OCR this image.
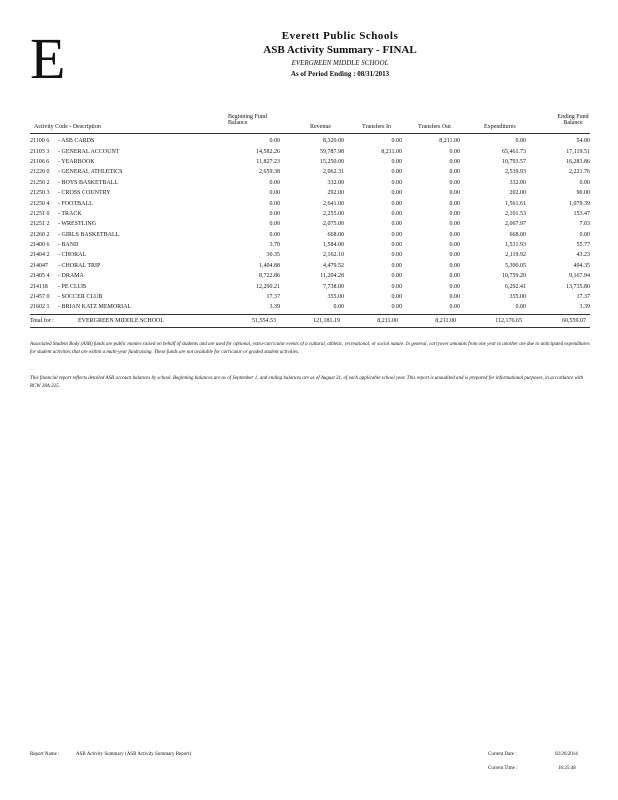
E	Everett Public Schools
ASB Activity Summary - FINAL
EVERGREEN MIDDLE SCHOOL
As of Period Ending : 08/31/2013
Activity Code - Description
Beginning Fund Balance
Revenue	Transfers In	Transfers Out	Expenditures
Ending Fund Balance
21100 6	- ASB CARDS	0.00	8,320.00	0.00	8,211.00	0.00	54.00
21103 3	- GENERAL ACCOUNT	14,582.26	59,787.98	8,211.00	0.00	65,461.73	17,119.51
21106 6	- YEARBOOK	11,827.23	15,250.00	0.00	0.00	10,793.57	16,283.86
21220 0	- GENERAL ATHLETICS	2,659.38	2,062.31	0.00	0.00	2,539.93	2,221.76
21250 2	- BOYS BASKETBALL	0.00	332.00	0.00	0.00	332.00	0.00
21250 3	- CROSS COUNTRY	0.00	292.00	0.00	0.00	202.00	90.00
21250 4	- FOOTBALL	0.00	2,641.00	0.00	0.00	1,561.61	1,079.39
21251 0	- TRACK	0.00	2,255.00	0.00	0.00	2,101.53	153.47
21251 2	- WRESTLING	0.00	2,075.00	0.00	0.00	2,067.97	7.03
21260 2	- GIRLS BASKETBALL	0.00	668.00	0.00	0.00	668.00	0.00
21400 6	- BAND	3.70	1,584.00	0.00	0.00	1,531.93	55.77
21404 2	- CHORAL	30.35	2,162.10	0.00	0.00	2,119.92	43.23
214047	- CHORAL TRIP	1,404.88	4,479.52	0.00	0.00	5,390.05	494.35
21405 4	- DRAMA	8,722.86	11,204.28	0.00	0.00	10,759.20	9,167.94
214118	- PE CLUB	12,290.21	7,738.00	0.00	0.00	6,292.41	13,735.80
21457 0	- SOCCER CLUB	17.37	355.00	0.00	0.00	355.00	17.37
21602 1	- BRIAN KATZ MEMORIAL	3.39	0.00	0.00	0.00	0.00	3.39
Total for :	EVERGREEN MIDDLE SCHOOL	51,554.53	121,181.19	8,211.00	8,211.00	112,176.65	60,559.07
Associated Student Body (ASB) funds are public monies raised on behalf of students and are used for optional, extra-curricular events of a cultural, athletic, recreational, or social nature. In general, carryover amounts from one year to another are due to anticipated expenditures for student activities that are within a multi-year fundraising. These funds are not available for curricular or graded student activities.
This financial report reflects detailed ASB account balances by school. Beginning balances are as of September 1, and ending balances are as of August 31, of each applicable school year. This report is unaudited and is prepared for informational purposes, in accordance with RCW 28A.325.
Report Name :	ASB Activity Summary (ASB Activity Summary Report)	Current Date :	02/26/2014
Current Time :	16:25:48
